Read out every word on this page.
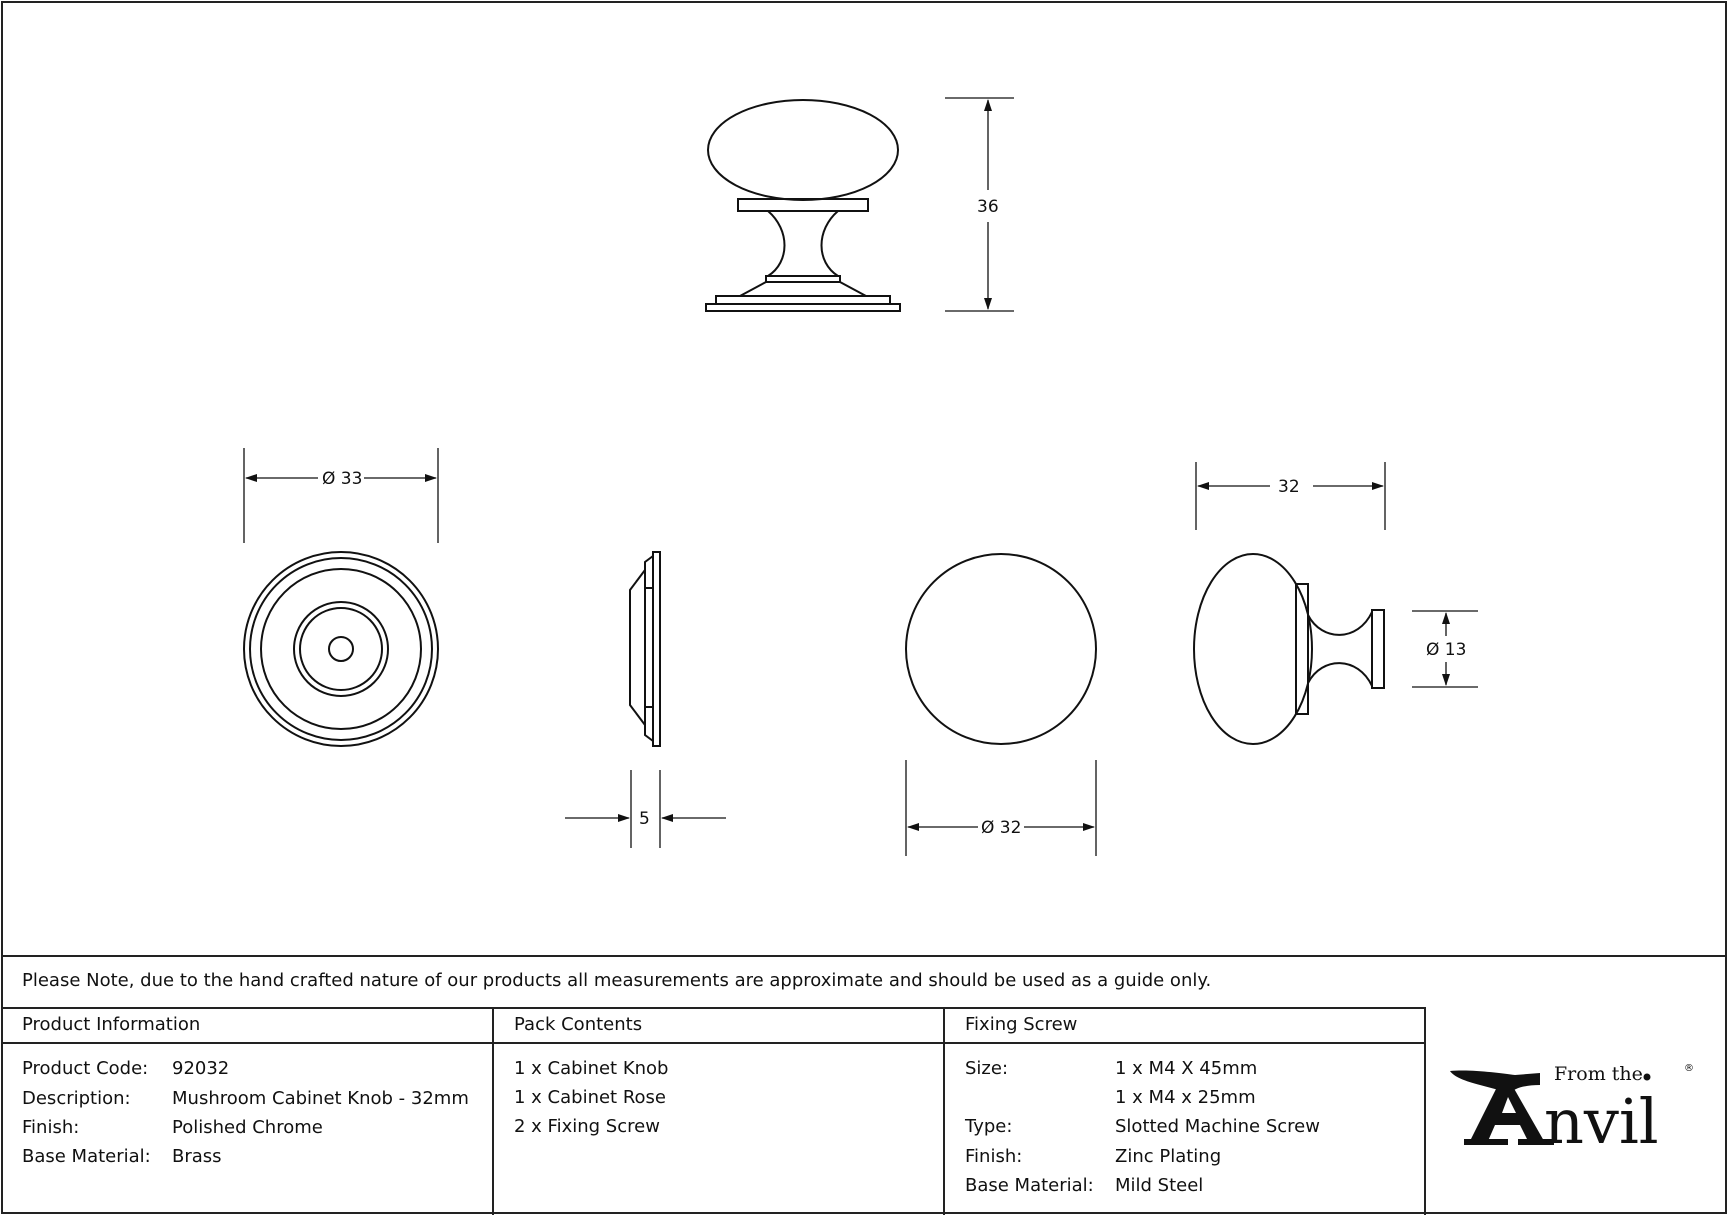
36
Ø 33
5	Ø 32
32
Ø 13
Please Note, due to the hand crafted nature of our products all measurements are approximate and should be used as a guide only.
Product Information
Product Code: 92032
Description: Mushroom Cabinet Knob - 32mm
Finish:	Polished Chrome
Base Material: Brass
Pack Contents
1 x Cabinet Knob
1 x Cabinet Rose
2 x Fixing Screw
Fixing Screw
Size:	1 x M4 X 45mm
1 x M4 x 25mm
Type:	Slotted Machine Screw
Finish:	Zinc Plating
Base Material: Mild Steel
From the
nvil
®
